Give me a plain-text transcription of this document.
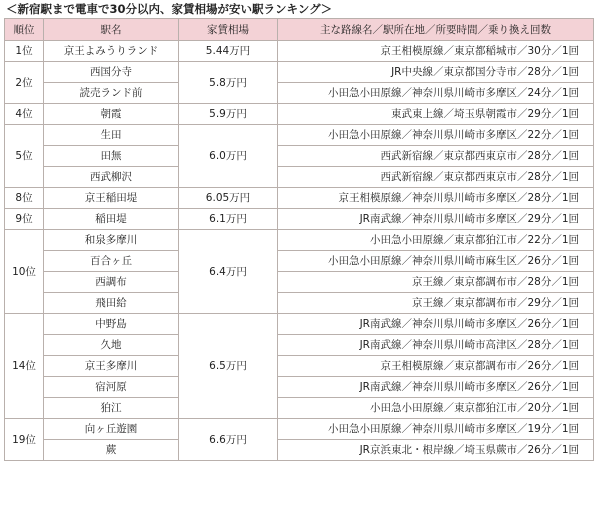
＜新宿駅まで電車で30分以内、家賃相場が安い駅ランキング＞
順位	駅名	家賃相場	主な路線名／駅所在地／所要時間／乗り換え回数
1位	京王よみうりランド	5.44万円	京王相模原線／東京都稲城市／30分／1回
2位	西国分寺	5.8万円	JR中央線／東京都国分寺市／28分／1回
	読売ランド前		小田急小田原線／神奈川県川崎市多摩区／24分／1回
4位	朝霞	5.9万円	東武東上線／埼玉県朝霞市／29分／1回
5位	生田	6.0万円	小田急小田原線／神奈川県川崎市多摩区／22分／1回
	田無		西武新宿線／東京都西東京市／28分／1回
	西武柳沢		西武新宿線／東京都西東京市／28分／1回
8位	京王稲田堤	6.05万円	京王相模原線／神奈川県川崎市多摩区／28分／1回
9位	稲田堤	6.1万円	JR南武線／神奈川県川崎市多摩区／29分／1回
10位	和泉多摩川	6.4万円	小田急小田原線／東京都狛江市／22分／1回
	百合ヶ丘		小田急小田原線／神奈川県川崎市麻生区／26分／1回
	西調布		京王線／東京都調布市／28分／1回
	飛田給		京王線／東京都調布市／29分／1回
14位	中野島	6.5万円	JR南武線／神奈川県川崎市多摩区／26分／1回
	久地		JR南武線／神奈川県川崎市高津区／28分／1回
	京王多摩川		京王相模原線／東京都調布市／26分／1回
	宿河原		JR南武線／神奈川県川崎市多摩区／26分／1回
	狛江		小田急小田原線／東京都狛江市／20分／1回
19位	向ヶ丘遊園	6.6万円	小田急小田原線／神奈川県川崎市多摩区／19分／1回
	蕨		JR京浜東北・根岸線／埼玉県蕨市／26分／1回
